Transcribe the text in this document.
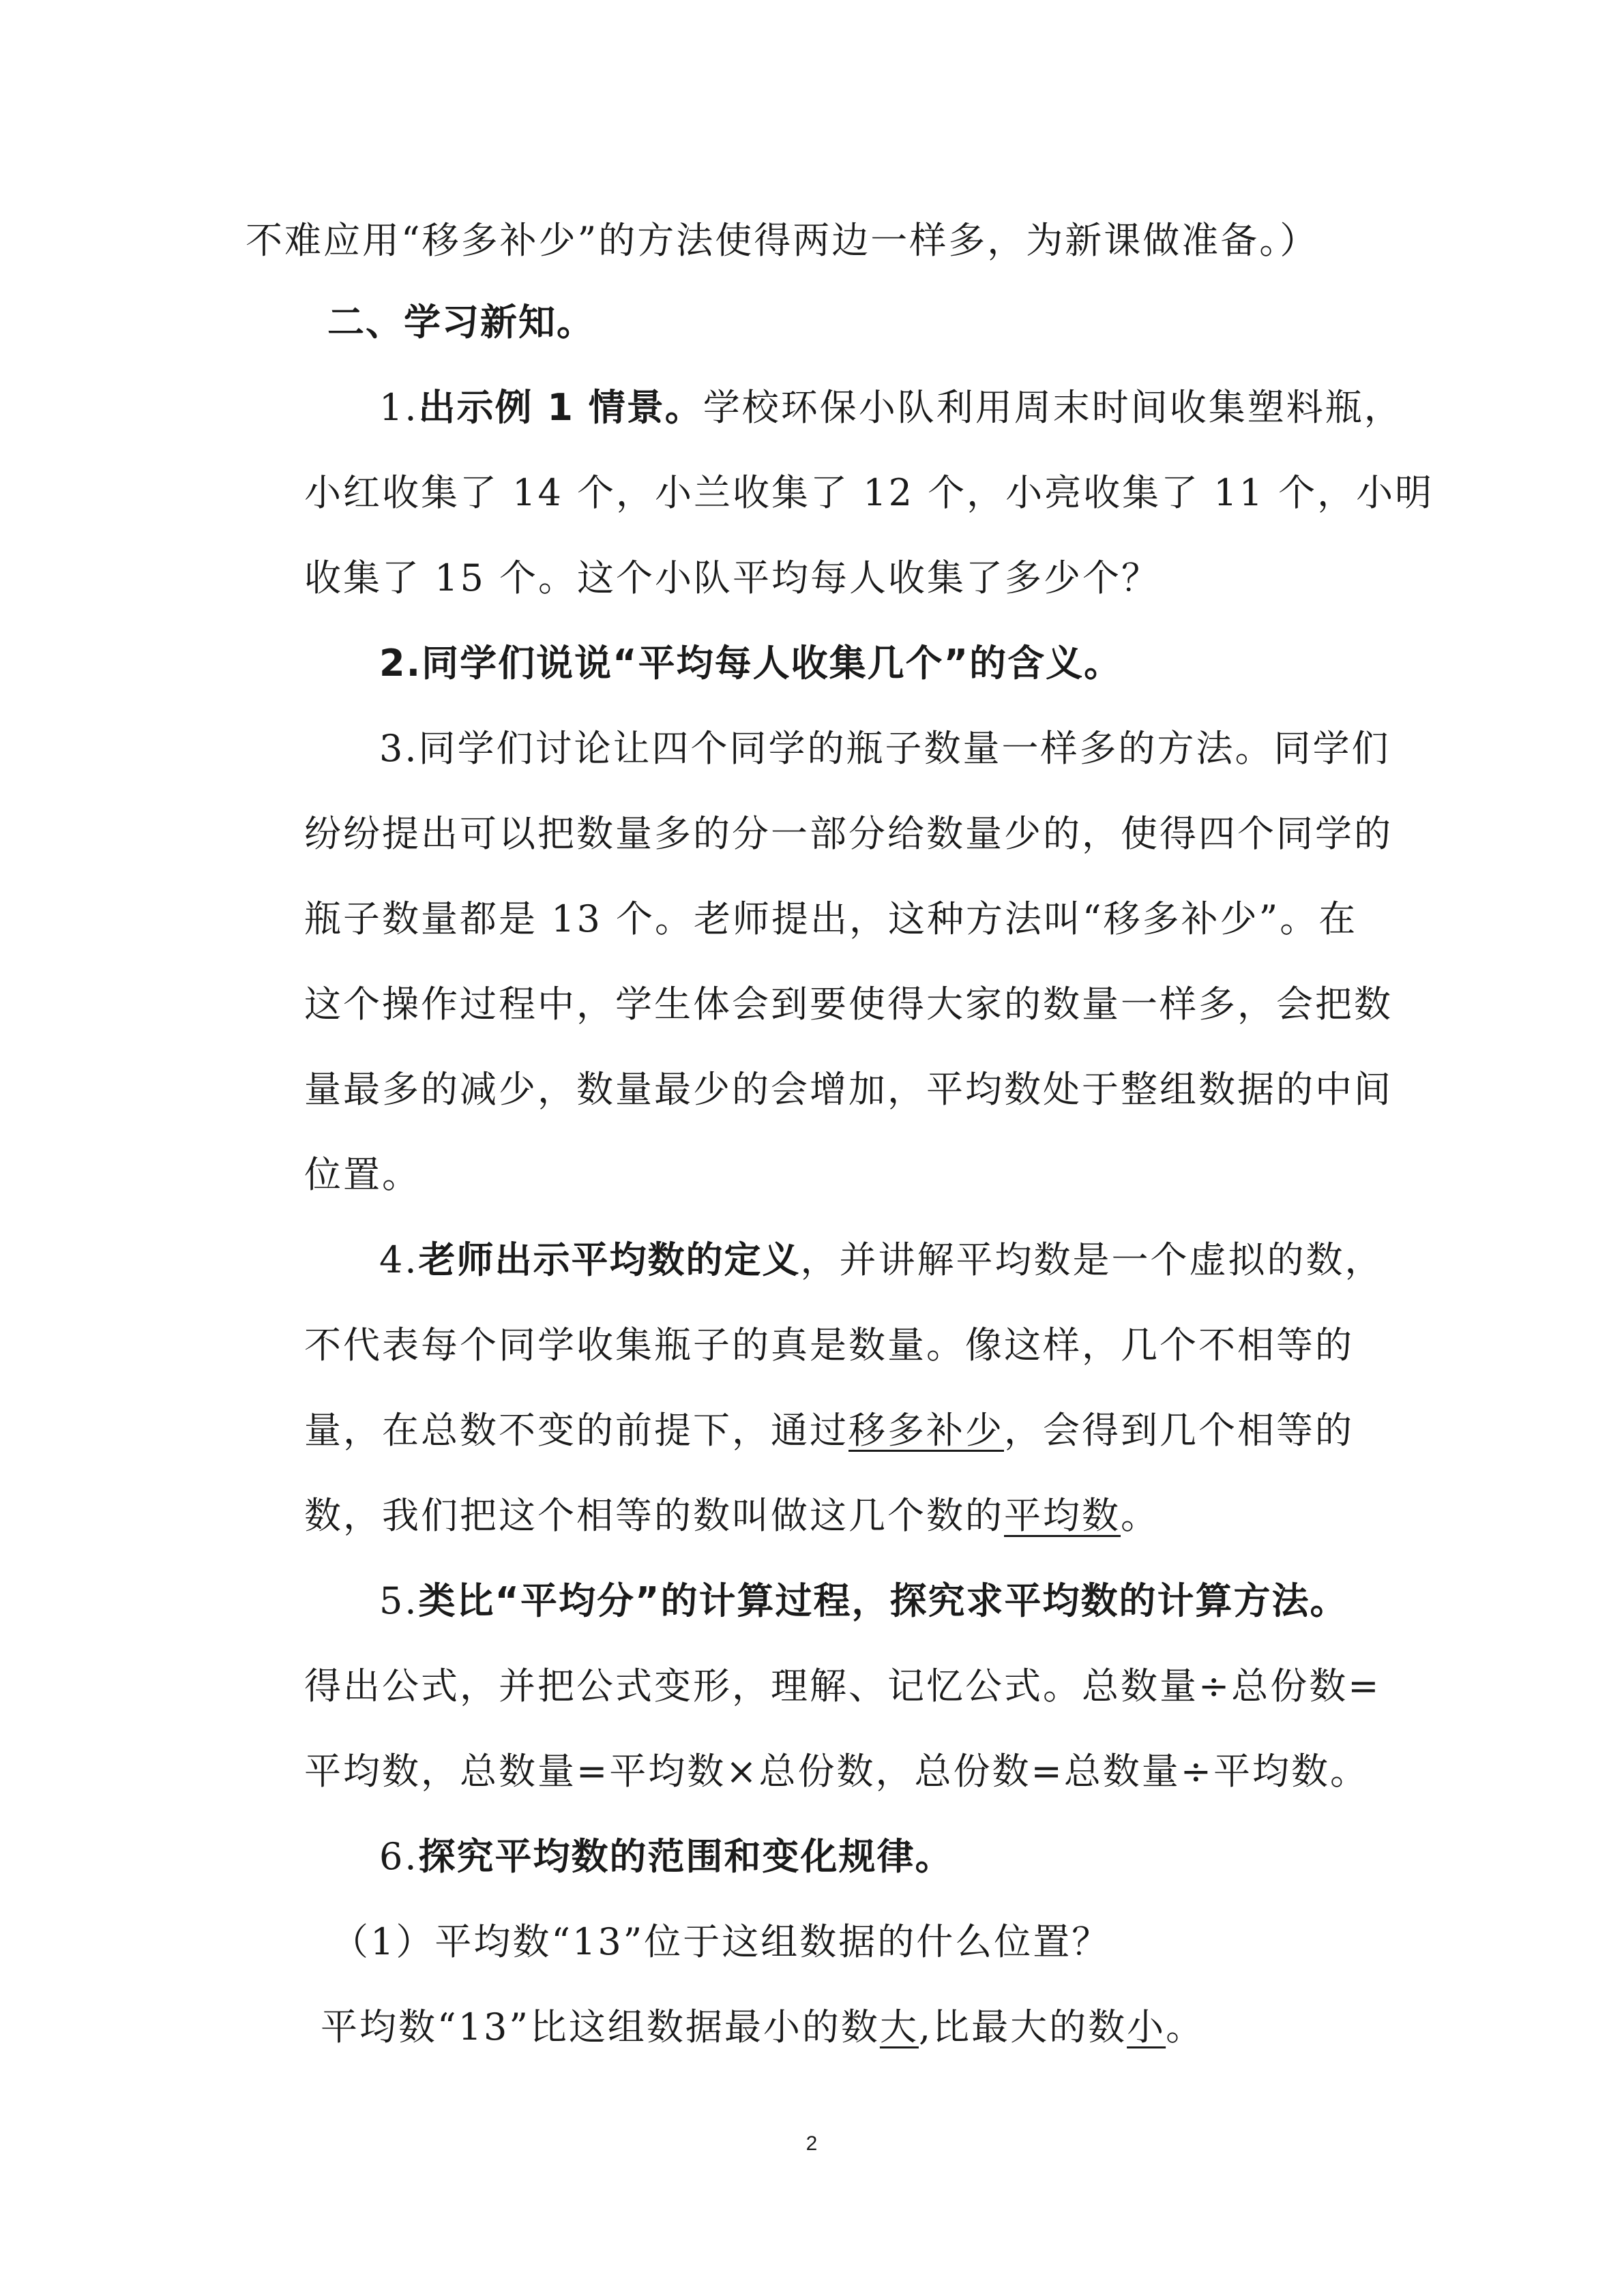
不难应用“移多补少”的方法使得两边一样多，为新课做准备。）
二、学习新知。
1.出示例 1 情景。学校环保小队利用周末时间收集塑料瓶，
小红收集了 14 个，小兰收集了 12 个，小亮收集了 11 个，小明
收集了 15 个。这个小队平均每人收集了多少个？
2.同学们说说“平均每人收集几个”的含义。
3.同学们讨论让四个同学的瓶子数量一样多的方法。同学们
纷纷提出可以把数量多的分一部分给数量少的，使得四个同学的
瓶子数量都是 13 个。老师提出，这种方法叫“移多补少”。在
这个操作过程中，学生体会到要使得大家的数量一样多，会把数
量最多的减少，数量最少的会增加，平均数处于整组数据的中间
位置。
4.老师出示平均数的定义，并讲解平均数是一个虚拟的数，
不代表每个同学收集瓶子的真是数量。像这样，几个不相等的
量，在总数不变的前提下，通过移多补少，会得到几个相等的
数，我们把这个相等的数叫做这几个数的平均数。
5.类比“平均分”的计算过程，探究求平均数的计算方法。
得出公式，并把公式变形，理解、记忆公式。总数量÷总份数=
平均数，总数量=平均数×总份数，总份数=总数量÷平均数。
6.探究平均数的范围和变化规律。
（1）平均数“13”位于这组数据的什么位置？
平均数“13”比这组数据最小的数大,比最大的数小。
2
